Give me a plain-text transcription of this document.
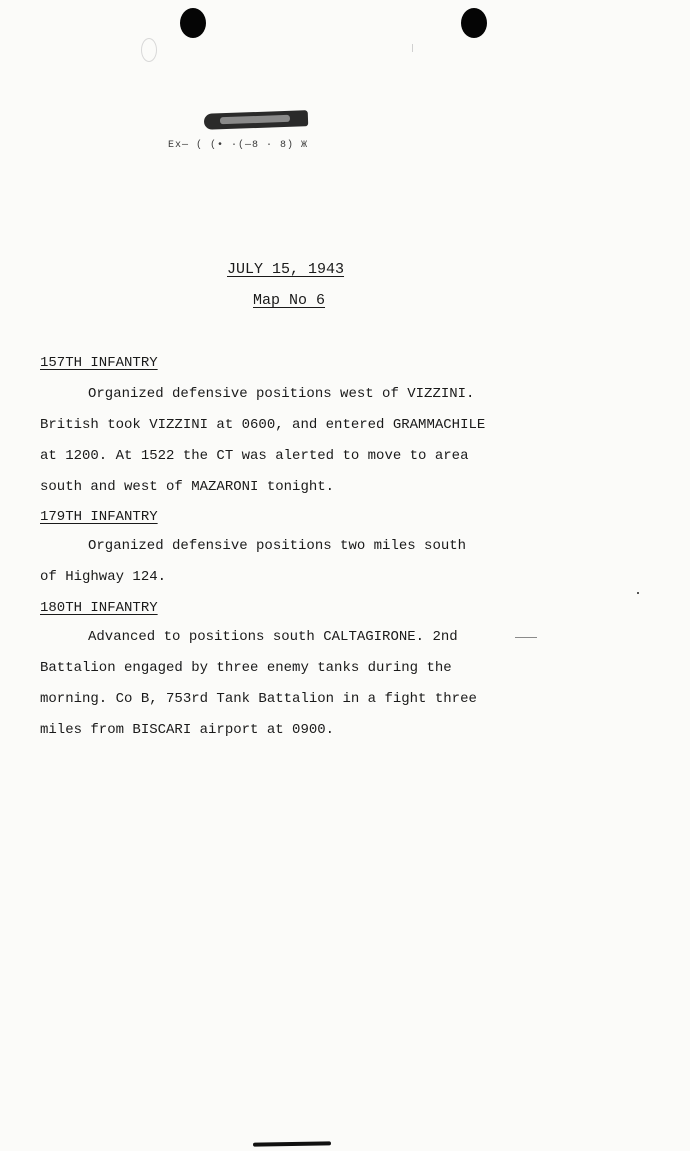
Ex— ( (• ·(—8 · 8) Ж
JULY 15, 1943
Map No 6
157TH INFANTRY
Organized defensive positions west of VIZZINI.
British took VIZZINI at 0600, and entered GRAMMACHILE
at 1200. At 1522 the CT was alerted to move to area
south and west of MAZARONI tonight.
179TH INFANTRY
Organized defensive positions two miles south
of Highway 124.
180TH INFANTRY
Advanced to positions south CALTAGIRONE. 2nd
Battalion engaged by three enemy tanks during the
morning. Co B, 753rd Tank Battalion in a fight three
miles from BISCARI airport at 0900.
